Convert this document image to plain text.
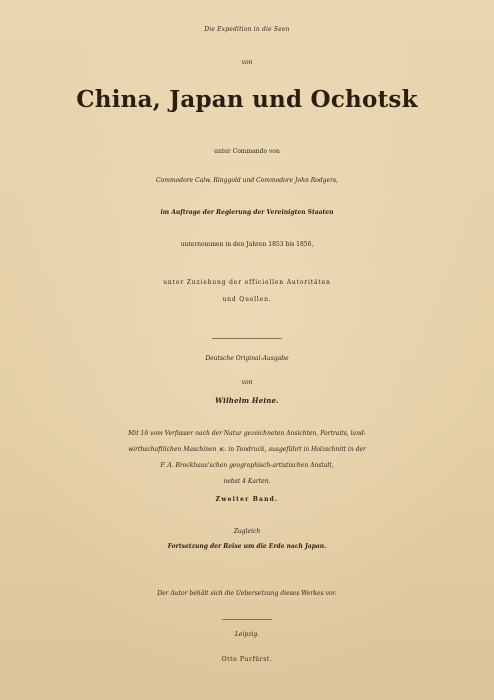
Die Expedition in die Seen
von
China, Japan und Ochotsk
unter Commando von
Commodore Calw. Ringgold und Commodore John Rodgers,
im Auftrage der Regierung der Vereinigten Staaten
unternommen in den Jahren 1853 bis 1856,
unter Zuziehung der officiellen Autoritäten
und Quellen.
Deutsche Original-Ausgabe
von
Wilhelm Heine.
Mit 16 vom Verfasser nach der Natur gezeichneten Ansichten, Portraits, land-
wirthschaftlichen Maschinen ꝛc. in Tondruck, ausgeführt in Holzschnitt in der
F. A. Brockhaus'schen geographisch-artistischen Anstalt,
nebst 4 Karten.
Zweiter Band.
Zugleich
Fortsetzung der Reise um die Erde nach Japan.
Der Autor behält sich die Uebersetzung dieses Werkes vor.
Leipzig.
Otto Purfürst.
